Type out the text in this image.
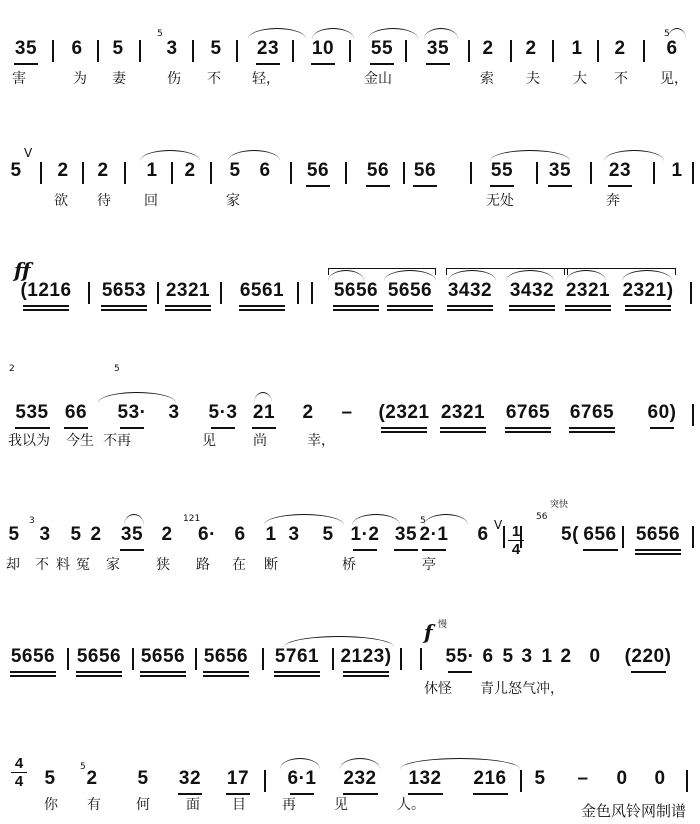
35 6 5 3 5 23 10 55 35 2 2 1 2 6
害	为 妻	伤 不 轻，	金山	索 夫 大 不 见，
5 2 2 1 2 5 6 56 56 56	55 35 23 1
欲 待 回	家	无处	奔
(1216 5653 2321 6561	5656 5656 3432 3432 2321 2321)
535 66 53· 3 5·3 21 2 – (2321 2321 6765 6765 60)
我以为 今生 不再	见	尚	幸，
5 3 5 2 35 2 6· 6 1 3 5 1·2 35 2·1 6	5( 656 5656
却 不 料 冤 家	狭 路 在 断	桥	亭
5656 5656 5656 5656 5761 2123)	55· 6 5 3 1 2 0 (220)
休怪 青儿怒气冲，
5 2 5 32 17 6·1 232 132 216 5 – 0 0
你 有	何	面 目	再	见	人。
ff
f 慢
突快
1
4
4
4
5	5
2	5
3	121	5	56
5
V
V
金色风铃网制谱
